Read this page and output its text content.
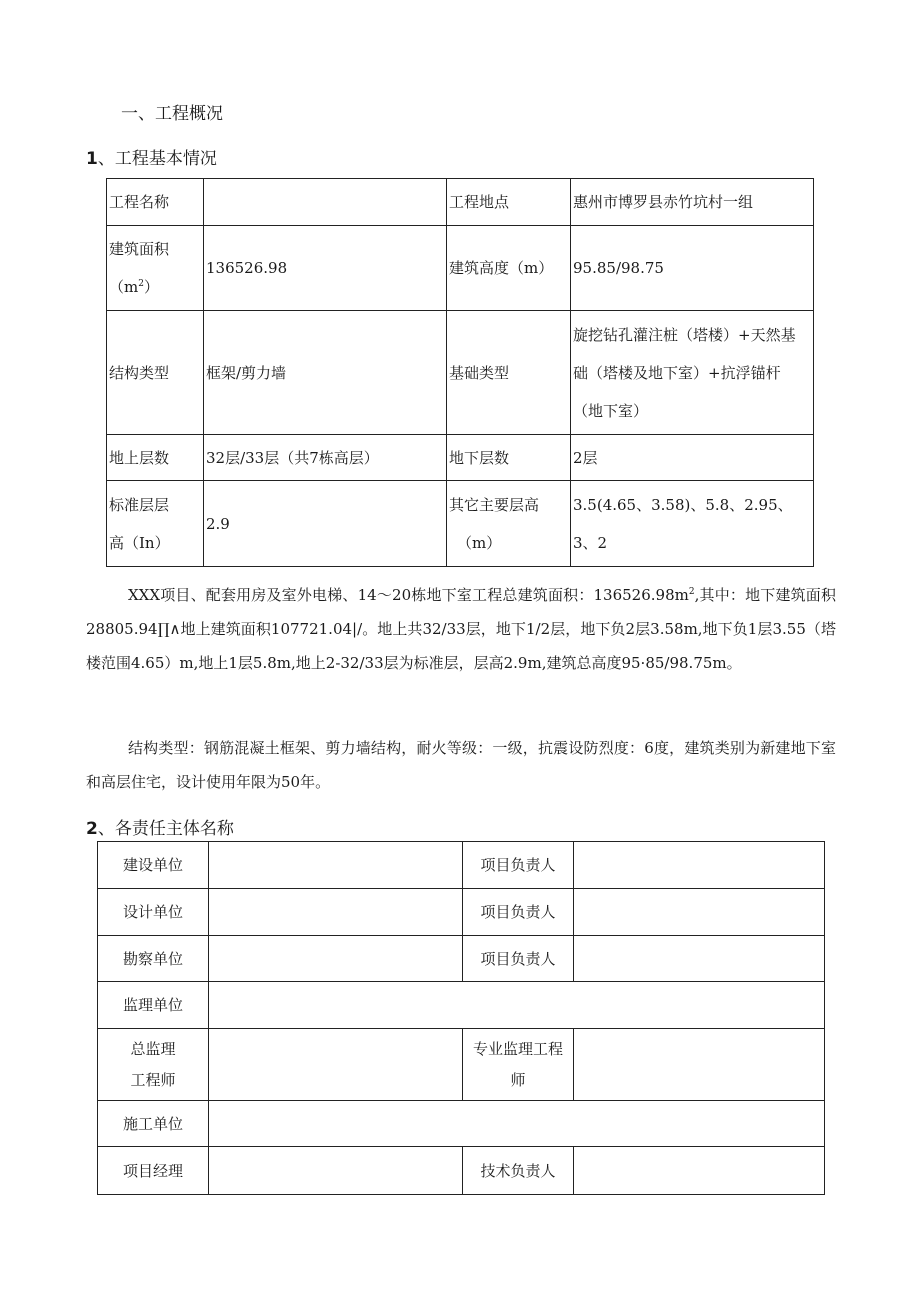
一、工程概况
1、工程基本情况
工程名称		工程地点	惠州市博罗县赤竹坑村一组
建筑面积
$(m^2)$	136526.98	建筑高度（m）	95.85/98.75
结构类型	框架/剪力墙	基础类型	旋挖钻孔灌注桩（塔楼）+天然基
础（塔楼及地下室）+抗浮锚杆
（地下室）
地上层数	32层/33层（共7栋高层）	地下层数	2层
标准层层
高（In）	2.9	其它主要层高
（m）	3.5(4.65、3.58)、5.8、2.95、
3、2

XXX项目、配套用房及室外电梯、14～20栋地下室工程总建筑面积：$136526.98m^2$,其中：地下建筑面积28805.94∏∧地上建筑面积107721.04|/。地上共32/33层，地下1/2层，地下负2层3.58m,地下负1层3.55（塔楼范围4.65）m,地上1层5.8m,地上2-32/33层为标准层，层高2.9m,建筑总高度95·85/98.75m。

结构类型：钢筋混凝土框架、剪力墙结构，耐火等级：一级，抗震设防烈度：6度，建筑类别为新建地下室和高层住宅，设计使用年限为50年。

2、各责任主体名称
建设单位		项目负责人	
设计单位		项目负责人	
勘察单位		项目负责人	
监理单位			
总监理
工程师		专业监理工程
师	
施工单位			
项目经理		技术负责人	
